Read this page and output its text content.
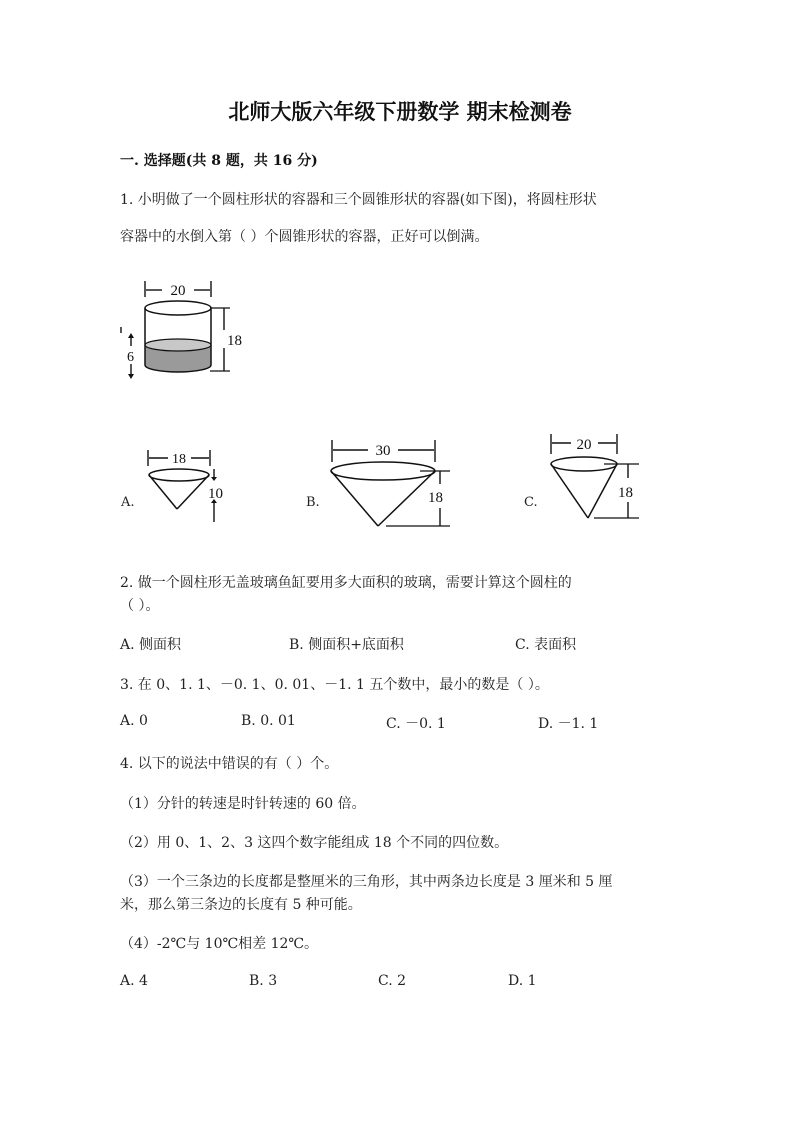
北师大版六年级下册数学 期末检测卷
一. 选择题(共 8 题，共 16 分)
1. 小明做了一个圆柱形状的容器和三个圆锥形状的容器(如下图)，将圆柱形状
容器中的水倒入第（ ）个圆锥形状的容器，正好可以倒满。
20
18
6
A.
18
10
B.
30
18	C.
20
18
2. 做一个圆柱形无盖玻璃鱼缸要用多大面积的玻璃，需要计算这个圆柱的
（ ）。
A. 侧面积	B. 侧面积+底面积	C. 表面积
3. 在 0、1. 1、－0. 1、0. 01、－1. 1 五个数中，最小的数是（ ）。
A. 0	B. 0. 01	C. －0. 1	D. －1. 1
4. 以下的说法中错误的有（ ）个。
（1）分针的转速是时针转速的 60 倍。
（2）用 0、1、2、3 这四个数字能组成 18 个不同的四位数。
（3）一个三条边的长度都是整厘米的三角形，其中两条边长度是 3 厘米和 5 厘
米，那么第三条边的长度有 5 种可能。
（4）-2℃与 10℃相差 12℃。
A. 4	B. 3	C. 2	D. 1
